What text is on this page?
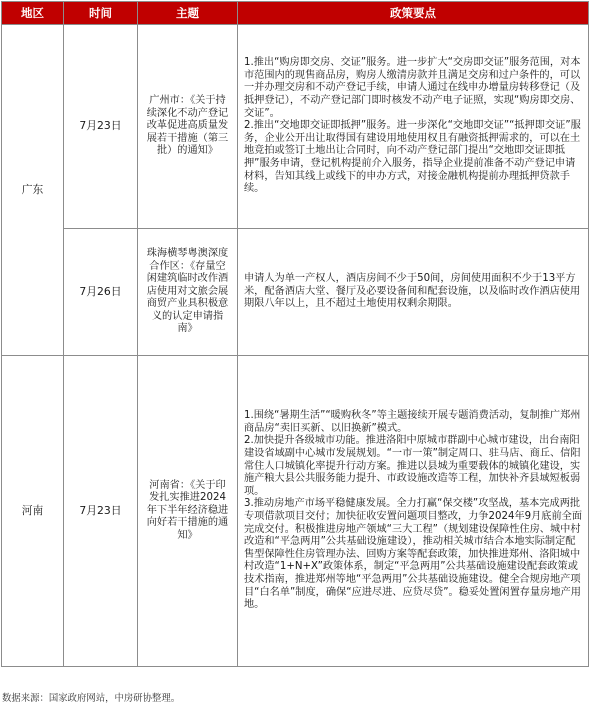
地区	时间	主题	政策要点
广东	7月23日	广州市：《关于持续深化不动产登记改革促进高质量发展若干措施（第三批）的通知》	1.推出“购房即交房、交证”服务。进一步扩大“交房即交证”服务范围，对本市范围内的现售商品房，购房人缴清房款并且满足交房和过户条件的，可以一并办理交房和不动产登记手续，申请人通过在线申办增量房转移登记（及抵押登记），不动产登记部门即时核发不动产电子证照，实现“购房即交房、交证”。
2.推出“交地即交证即抵押”服务。进一步深化“交地即交证”“抵押即交证”服务，企业公开出让取得国有建设用地使用权且有融资抵押需求的，可以在土地竞拍或签订土地出让合同时，向不动产登记部门提出“交地即交证即抵押”服务申请，登记机构提前介入服务，指导企业提前准备不动产登记申请材料，告知其线上或线下的申办方式，对接金融机构提前办理抵押贷款手续。

	7月26日	珠海横琴粤澳深度合作区：《存量空闲建筑临时改作酒店使用对文旅会展商贸产业具积极意义的认定申请指南》	申请人为单一产权人，酒店房间不少于50间，房间使用面积不少于13平方米，配备酒店大堂、餐厅及必要设备间和配套设施，以及临时改作酒店使用期限八年以上，且不超过土地使用权剩余期限。

河南	7月23日	河南省：《关于印发扎实推进2024年下半年经济稳进向好若干措施的通知》	1.围绕“暑期生活”“暖购秋冬”等主题接续开展专题消费活动，复制推广郑州商品房“卖旧买新、以旧换新”模式。
2.加快提升各级城市功能。推进洛阳中原城市群副中心城市建设，出台南阳建设省域副中心城市发展规划。“一市一策”制定周口、驻马店、商丘、信阳常住人口城镇化率提升行动方案。推进以县城为重要载体的城镇化建设，实施产粮大县公共服务能力提升、市政设施改造等工程，加快补齐县域短板弱项。
3.推动房地产市场平稳健康发展。全力打赢“保交楼”攻坚战，基本完成两批专项借款项目交付；加快征收安置问题项目整改，力争2024年9月底前全面完成交付。积极推进房地产领域“三大工程”（规划建设保障性住房、城中村改造和“平急两用”公共基础设施建设），推动相关城市结合本地实际制定配售型保障性住房管理办法、回购方案等配套政策，加快推进郑州、洛阳城中村改造“1+N+X”政策体系，制定“平急两用”公共基础设施建设配套政策或技术指南，推进郑州等地“平急两用”公共基础设施建设。健全合规房地产项目“白名单”制度，确保“应进尽进、应贷尽贷”。稳妥处置闲置存量房地产用地。
数据来源：国家政府网站，中房研协整理。
